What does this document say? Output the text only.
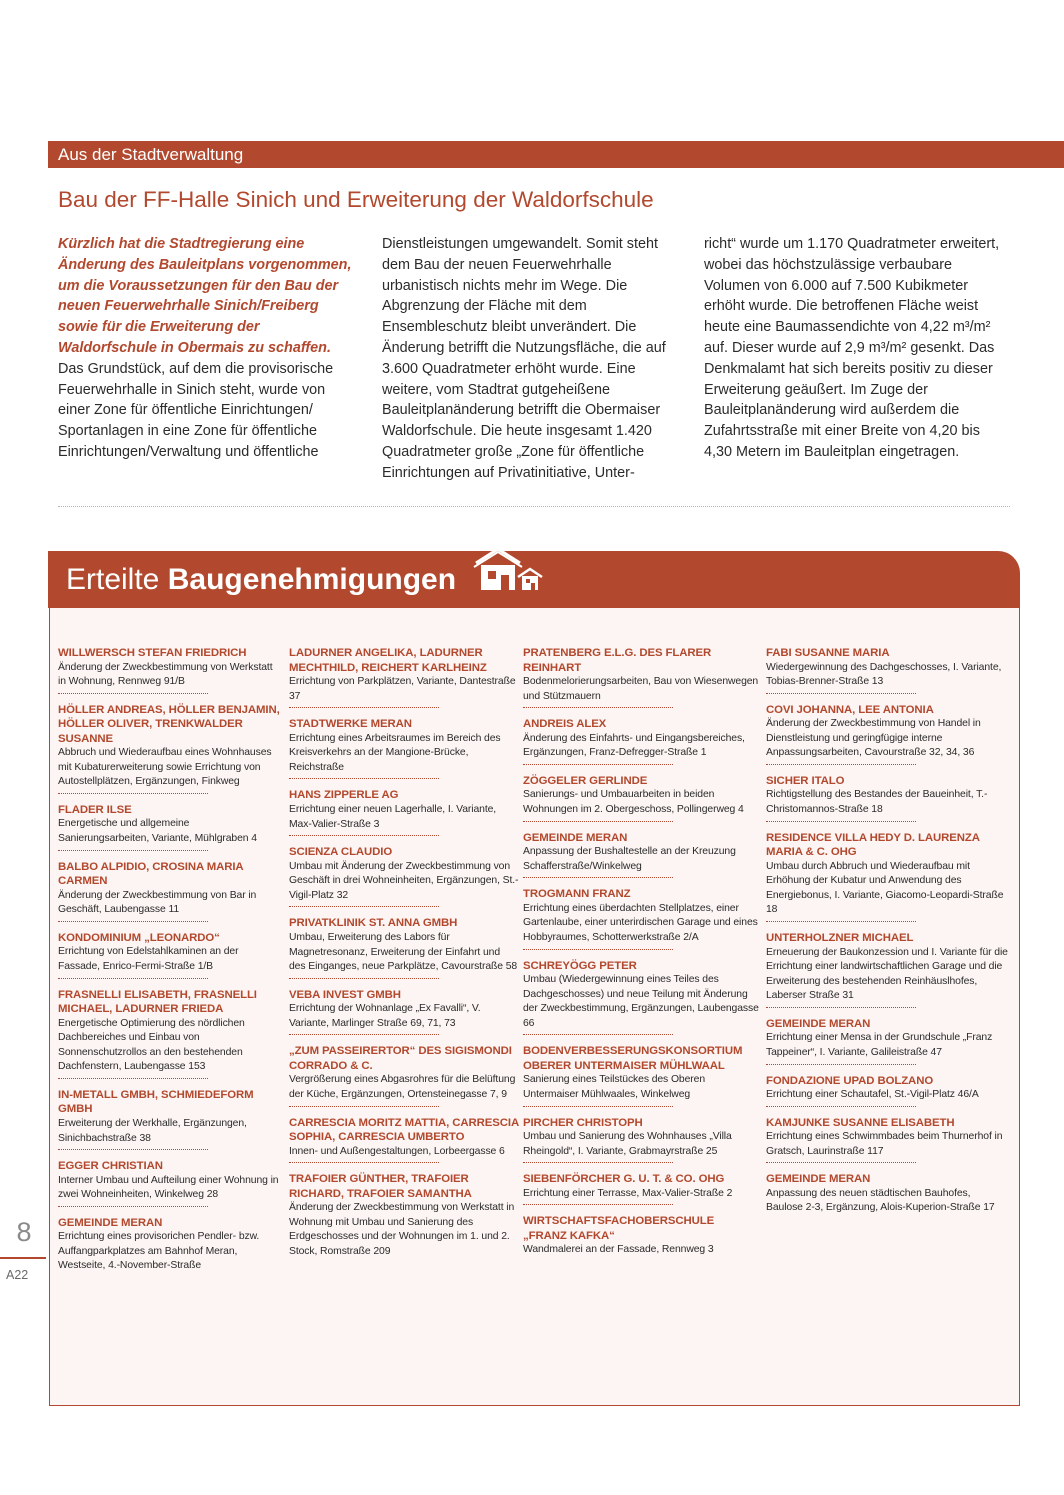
Aus der Stadtverwaltung
Bau der FF-Halle Sinich und Erweiterung der Waldorfschule
Kürzlich hat die Stadtregierung eine Änderung des Bauleitplans vorgenommen, um die Voraussetzungen für den Bau der neuen Feuerwehrhalle Sinich/Freiberg sowie für die Erweiterung der Waldorfschule in Obermais zu schaffen.
Das Grundstück, auf dem die provisorische Feuerwehrhalle in Sinich steht, wurde von einer Zone für öffentliche Einrichtungen/ Sportanlagen in eine Zone für öffentliche Einrichtungen/Verwaltung und öffentliche
Dienstleistungen umgewandelt. Somit steht dem Bau der neuen Feuerwehrhalle urbanistisch nichts mehr im Wege. Die Abgrenzung der Fläche mit dem Ensembleschutz bleibt unverändert. Die Änderung betrifft die Nutzungsfläche, die auf 3.600 Quadratmeter erhöht wurde. Eine weitere, vom Stadtrat gutgeheißene Bauleitplanänderung betrifft die Obermaiser Waldorfschule. Die heute insgesamt 1.420 Quadratmeter große „Zone für öffentliche Einrichtungen auf Privatinitiative, Unter-
richt“ wurde um 1.170 Quadratmeter erweitert, wobei das höchstzulässige verbaubare Volumen von 6.000 auf 7.500 Kubikmeter erhöht wurde. Die betroffenen Fläche weist heute eine Baumassendichte von 4,22 m³/m² auf. Dieser wurde auf 2,9 m³/m² gesenkt. Das Denkmalamt hat sich bereits positiv zu dieser Erweiterung geäußert. Im Zuge der Bauleitplanänderung wird außerdem die Zufahrtsstraße mit einer Breite von 4,20 bis 4,30 Metern im Bauleitplan eingetragen.
Erteilte Baugenehmigungen
WILLWERSCH STEFAN FRIEDRICH
Änderung der Zweckbestimmung von Werkstatt in Wohnung, Rennweg 91/B
HÖLLER ANDREAS, HÖLLER BENJAMIN, HÖLLER OLIVER, TRENKWALDER SUSANNE
Abbruch und Wiederaufbau eines Wohnhauses mit Kubaturerweiterung sowie Errichtung von Autostellplätzen, Ergänzungen, Finkweg
FLADER ILSE
Energetische und allgemeine Sanierungsarbeiten, Variante, Mühlgraben 4
BALBO ALPIDIO, CROSINA MARIA CARMEN
Änderung der Zweckbestimmung von Bar in Geschäft, Laubengasse 11
KONDOMINIUM „LEONARDO“
Errichtung von Edelstahlkaminen an der Fassade, Enrico-Fermi-Straße 1/B
FRASNELLI ELISABETH, FRASNELLI MICHAEL, LADURNER FRIEDA
Energetische Optimierung des nördlichen Dachbereiches und Einbau von Sonnenschutzrollos an den bestehenden Dachfenstern, Laubengasse 153
IN-METALL GMBH, SCHMIEDEFORM GMBH
Erweiterung der Werkhalle, Ergänzungen, Sinichbachstraße 38
EGGER CHRISTIAN
Interner Umbau und Aufteilung einer Wohnung in zwei Wohneinheiten, Winkelweg 28
GEMEINDE MERAN
Errichtung eines provisorichen Pendler- bzw. Auffangparkplatzes am Bahnhof Meran, Westseite, 4.-November-Straße
LADURNER ANGELIKA, LADURNER MECHTHILD, REICHERT KARLHEINZ
Errichtung von Parkplätzen, Variante, Dantestraße 37
STADTWERKE MERAN
Errichtung eines Arbeitsraumes im Bereich des Kreisverkehrs an der Mangione-Brücke, Reichstraße
HANS ZIPPERLE AG
Errichtung einer neuen Lagerhalle, I. Variante, Max-Valier-Straße 3
SCIENZA CLAUDIO
Umbau mit Änderung der Zweckbestimmung von Geschäft in drei Wohneinheiten, Ergänzungen, St.-Vigil-Platz 32
PRIVATKLINIK ST. ANNA GMBH
Umbau, Erweiterung des Labors für Magnetresonanz, Erweiterung der Einfahrt und des Einganges, neue Parkplätze, Cavourstraße 58
VEBA INVEST GMBH
Errichtung der Wohnanlage „Ex Favalli“, V. Variante, Marlinger Straße 69, 71, 73
„ZUM PASSEIRERTOR“ DES SIGISMONDI CORRADO & C.
Vergrößerung eines Abgasrohres für die Belüftung der Küche, Ergänzungen, Ortensteinegasse 7, 9
CARRESCIA MORITZ MATTIA, CARRESCIA SOPHIA, CARRESCIA UMBERTO
Innen- und Außengestaltungen, Lorbeergasse 6
TRAFOIER GÜNTHER, TRAFOIER RICHARD, TRAFOIER SAMANTHA
Änderung der Zweckbestimmung von Werkstatt in Wohnung mit Umbau und Sanierung des Erdgeschosses und der Wohnungen im 1. und 2. Stock, Romstraße 209
PRATENBERG E.L.G. DES FLARER REINHART
Bodenmelorierungsarbeiten, Bau von Wiesenwegen und Stützmauern
ANDREIS ALEX
Änderung des Einfahrts- und Eingangsbereiches, Ergänzungen, Franz-Defregger-Straße 1
ZÖGGELER GERLINDE
Sanierungs- und Umbauarbeiten in beiden Wohnungen im 2. Obergeschoss, Pollingerweg 4
GEMEINDE MERAN
Anpassung der Bushaltestelle an der Kreuzung Schafferstraße/Winkelweg
TROGMANN FRANZ
Errichtung eines überdachten Stellplatzes, einer Gartenlaube, einer unterirdischen Garage und eines Hobbyraumes, Schotterwerkstraße 2/A
SCHREYÖGG PETER
Umbau (Wiedergewinnung eines Teiles des Dachgeschosses) und neue Teilung mit Änderung der Zweckbestimmung, Ergänzungen, Laubengasse 66
BODENVERBESSERUNGSKONSORTIUM OBERER UNTERMAISER MÜHLWAAL
Sanierung eines Teilstückes des Oberen Untermaiser Mühlwaales, Winkelweg
PIRCHER CHRISTOPH
Umbau und Sanierung des Wohnhauses „Villa Rheingold“, I. Variante, Grabmayrstraße 25
SIEBENFÖRCHER G. U. T. & CO. OHG
Errichtung einer Terrasse, Max-Valier-Straße 2
WIRTSCHAFTSFACHOBERSCHULE „FRANZ KAFKA“
Wandmalerei an der Fassade, Rennweg 3
FABI SUSANNE MARIA
Wiedergewinnung des Dachgeschosses, I. Variante, Tobias-Brenner-Straße 13
COVI JOHANNA, LEE ANTONIA
Änderung der Zweckbestimmung von Handel in Dienstleistung und geringfügige interne Anpassungsarbeiten, Cavourstraße 32, 34, 36
SICHER ITALO
Richtigstellung des Bestandes der Baueinheit, T.-Christomannos-Straße 18
RESIDENCE VILLA HEDY D. LAURENZA MARIA & C. OHG
Umbau durch Abbruch und Wiederaufbau mit Erhöhung der Kubatur und Anwendung des Energiebonus, I. Variante, Giacomo-Leopardi-Straße 18
UNTERHOLZNER MICHAEL
Erneuerung der Baukonzession und I. Variante für die Errichtung einer landwirtschaftlichen Garage und die Erweiterung des bestehenden Reinhäuslhofes, Laberser Straße 31
GEMEINDE MERAN
Errichtung einer Mensa in der Grundschule „Franz Tappeiner“, I. Variante, Galileistraße 47
FONDAZIONE UPAD BOLZANO
Errichtung einer Schautafel, St.-Vigil-Platz 46/A
KAMJUNKE SUSANNE ELISABETH
Errichtung eines Schwimmbades beim Thurnerhof in Gratsch, Laurinstraße 117
GEMEINDE MERAN
Anpassung des neuen städtischen Bauhofes, Baulose 2-3, Ergänzung, Alois-Kuperion-Straße 17
8
A22
